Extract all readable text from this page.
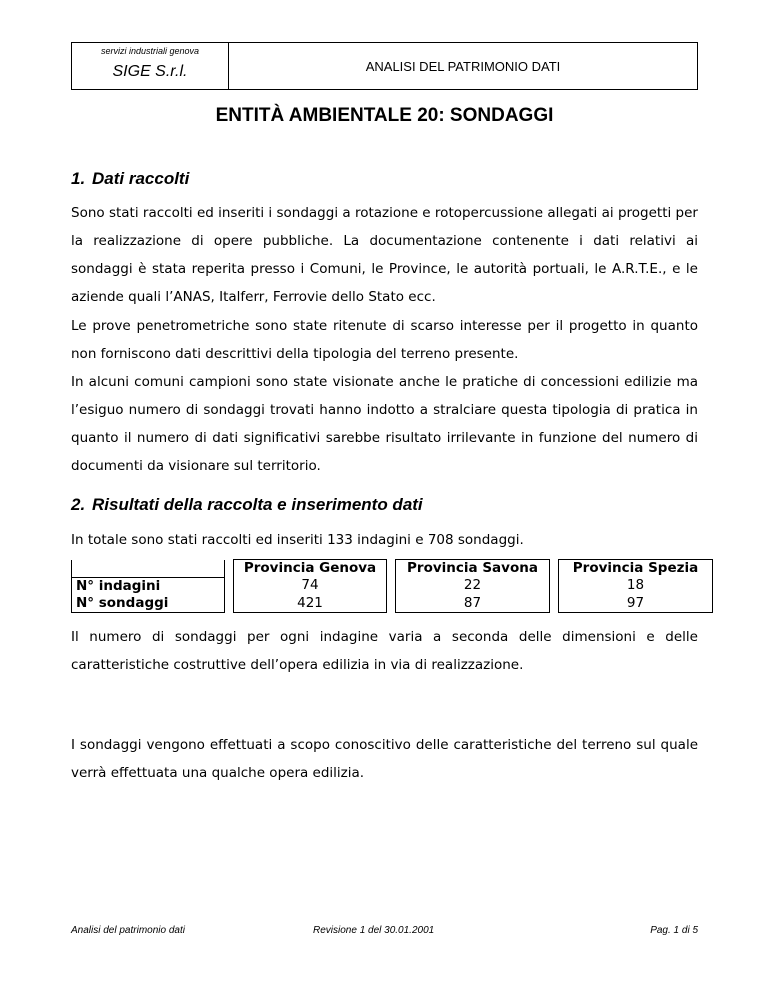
servizi industriali genova
SIGE S.r.l.	ANALISI DEL PATRIMONIO DATI
ENTITÀ AMBIENTALE 20: SONDAGGI
1. Dati raccolti

Sono stati raccolti ed inseriti i sondaggi a rotazione e rotopercussione allegati ai progetti per la realizzazione di opere pubbliche. La documentazione contenente i dati relativi ai sondaggi è stata reperita presso i Comuni, le Province, le autorità portuali, le A.R.T.E., e le aziende quali l’ANAS, Italferr, Ferrovie dello Stato ecc.

Le prove penetrometriche sono state ritenute di scarso interesse per il progetto in quanto non forniscono dati descrittivi della tipologia del terreno presente.

In alcuni comuni campioni sono state visionate anche le pratiche di concessioni edilizie ma l’esiguo numero di sondaggi trovati hanno indotto a stralciare questa tipologia di pratica in quanto il numero di dati significativi sarebbe risultato irrilevante in funzione del numero di documenti da visionare sul territorio.

2. Risultati della raccolta e inserimento dati

In totale sono stati raccolti ed inseriti 133 indagini e 708 sondaggi.

		Provincia Genova		Provincia Savona		Provincia Spezia
N° indagini		74		22		18
N° sondaggi		421		87		97

Il numero di sondaggi per ogni indagine varia a seconda delle dimensioni e delle caratteristiche costruttive dell’opera edilizia in via di realizzazione.

I sondaggi vengono effettuati a scopo conoscitivo delle caratteristiche del terreno sul quale verrà effettuata una qualche opera edilizia.

Analisi del patrimonio dati	Revisione 1 del 30.01.2001	Pag. 1 di 5
